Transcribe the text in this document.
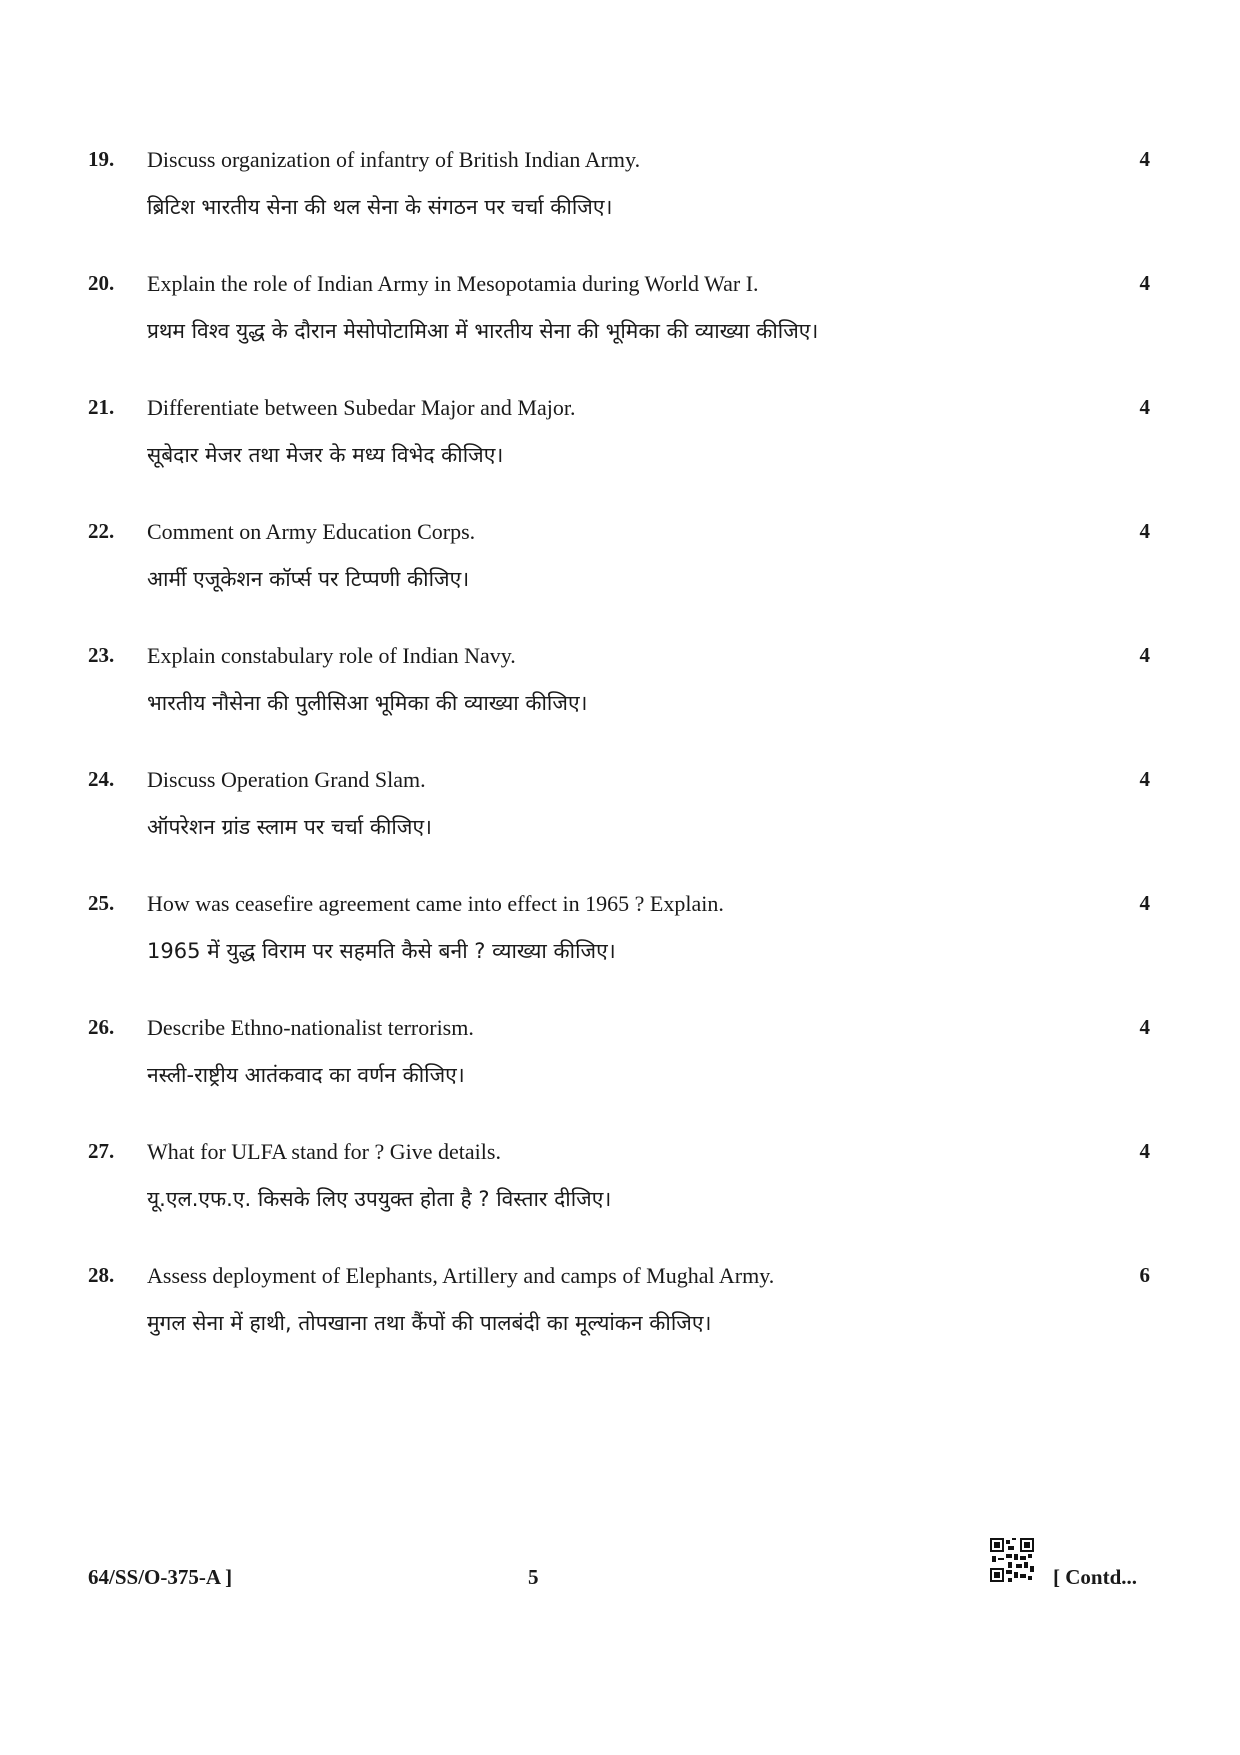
19. Discuss organization of infantry of British Indian Army.
ब्रिटिश भारतीय सेना की थल सेना के संगठन पर चर्चा कीजिए।
4
20. Explain the role of Indian Army in Mesopotamia during World War I.
प्रथम विश्व युद्ध के दौरान मेसोपोटामिआ में भारतीय सेना की भूमिका की व्याख्या कीजिए।
4
21. Differentiate between Subedar Major and Major.
सूबेदार मेजर तथा मेजर के मध्य विभेद कीजिए।
4
22. Comment on Army Education Corps.
आर्मी एजूकेशन कॉर्प्स पर टिप्पणी कीजिए।
4
23. Explain constabulary role of Indian Navy.
भारतीय नौसेना की पुलीसिआ भूमिका की व्याख्या कीजिए।
4
24. Discuss Operation Grand Slam.
ऑपरेशन ग्रांड स्लाम पर चर्चा कीजिए।
4
25. How was ceasefire agreement came into effect in 1965 ? Explain.
1965 में युद्ध विराम पर सहमति कैसे बनी ? व्याख्या कीजिए।
4
26. Describe Ethno-nationalist terrorism.
नस्ली-राष्ट्रीय आतंकवाद का वर्णन कीजिए।
4
27. What for ULFA stand for ? Give details.
यू.एल.एफ.ए. किसके लिए उपयुक्त होता है ? विस्तार दीजिए।
4
28. Assess deployment of Elephants, Artillery and camps of Mughal Army.
मुगल सेना में हाथी, तोपखाना तथा कैंपों की पालबंदी का मूल्यांकन कीजिए।
6
64/SS/O-375-A ]	5	[ Contd...
